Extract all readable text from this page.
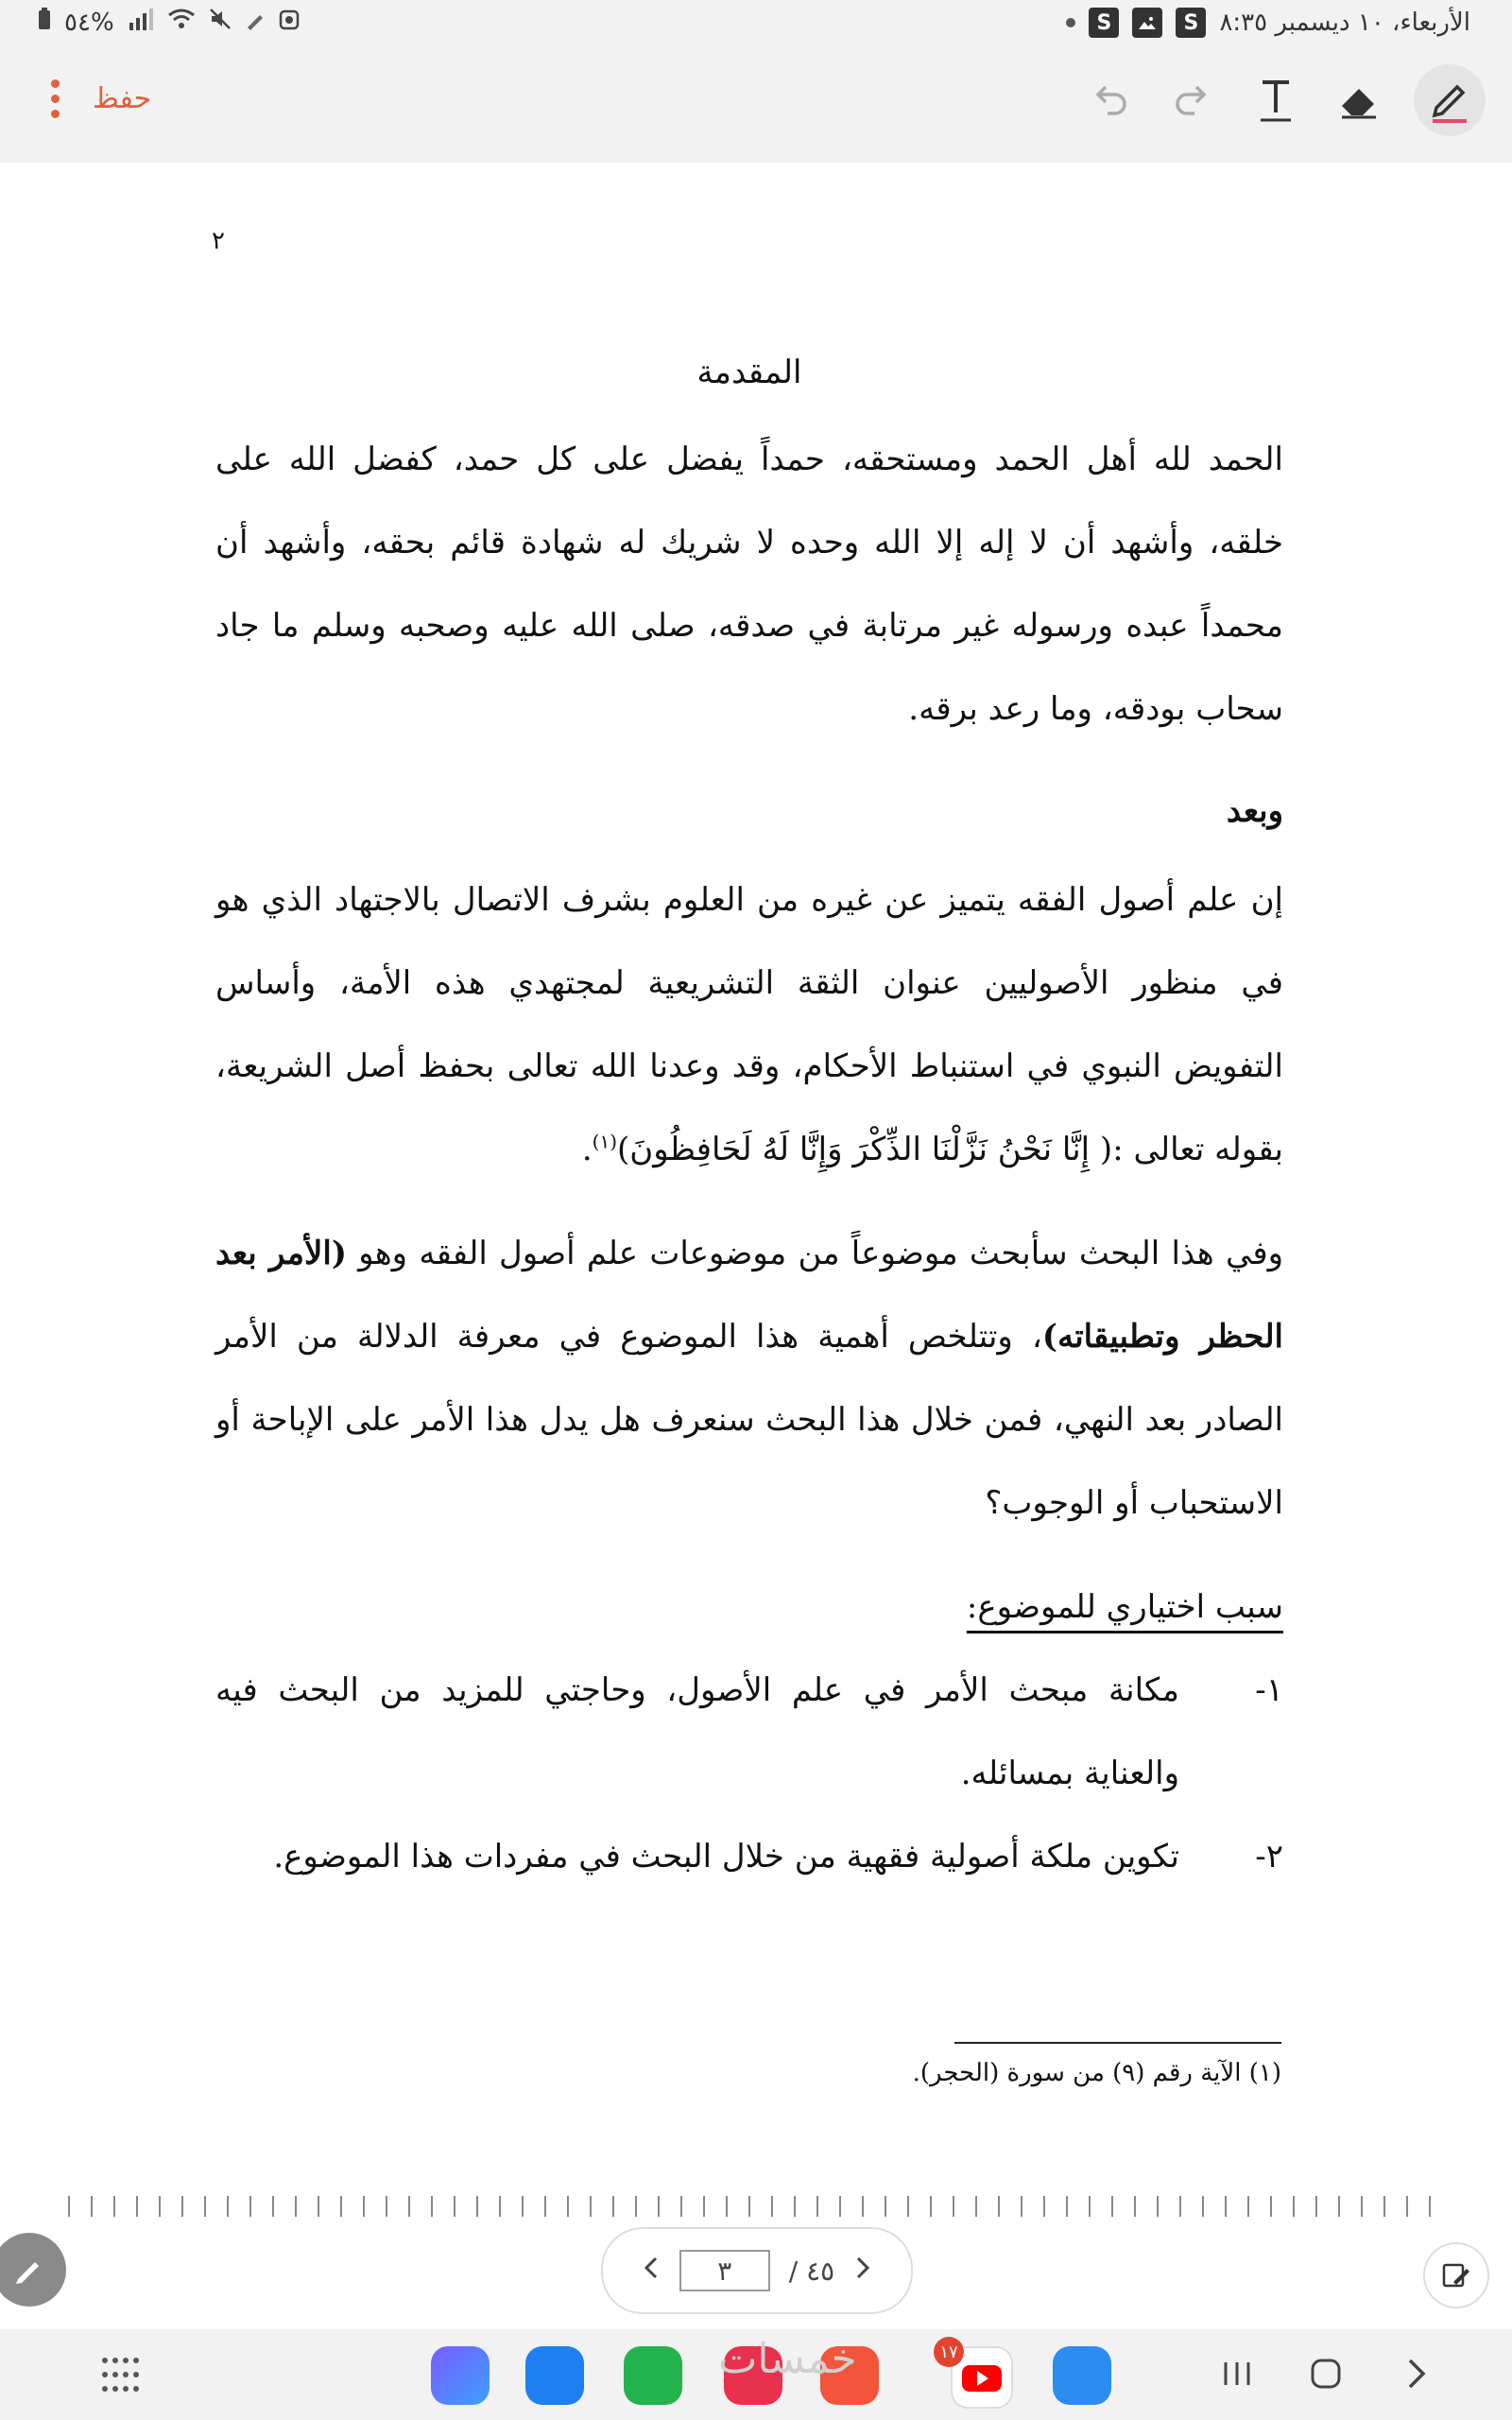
٥٤%	S	S الأربعاء، ١٠ ديسمبر ٨:٣٥
حفظ
٢

المقدمة

الحمد لله أهل الحمد ومستحقه، حمداً يفضل على كل حمد، كفضل الله على خلقه، وأشهد أن لا إله إلا الله وحده لا شريك له شهادة قائم بحقه، وأشهد أن محمداً عبده ورسوله غير مرتابة في صدقه، صلى الله عليه وصحبه وسلم ما جاد سحاب بودقه، وما رعد برقه.

وبعد

إن علم أصول الفقه يتميز عن غيره من العلوم بشرف الاتصال بالاجتهاد الذي هو في منظور الأصوليين عنوان الثقة التشريعية لمجتهدي هذه الأمة، وأساس التفويض النبوي في استنباط الأحكام، وقد وعدنا الله تعالى بحفظ أصل الشريعة، بقوله تعالى :( إِنَّا نَحْنُ نَزَّلْنَا الذِّكْرَ وَإِنَّا لَهُ لَحَافِظُونَ)$^{(١)}$.

وفي هذا البحث سأبحث موضوعاً من موضوعات علم أصول الفقه وهو (الأمر بعد الحظر وتطبيقاته)، وتتلخص أهمية هذا الموضوع في معرفة الدلالة من الأمر الصادر بعد النهي، فمن خلال هذا البحث سنعرف هل يدل هذا الأمر على الإباحة أو الاستحباب أو الوجوب؟

سبب اختياري للموضوع:

١-
مكانة مبحث الأمر في علم الأصول، وحاجتي للمزيد من البحث فيه والعناية بمسائله.
٢-
تكوين ملكة أصولية فقهية من خلال البحث في مفردات هذا الموضوع.
(١) الآية رقم (٩) من سورة (الحجر).
٣	/ ٤٥
١٧
خمسات
